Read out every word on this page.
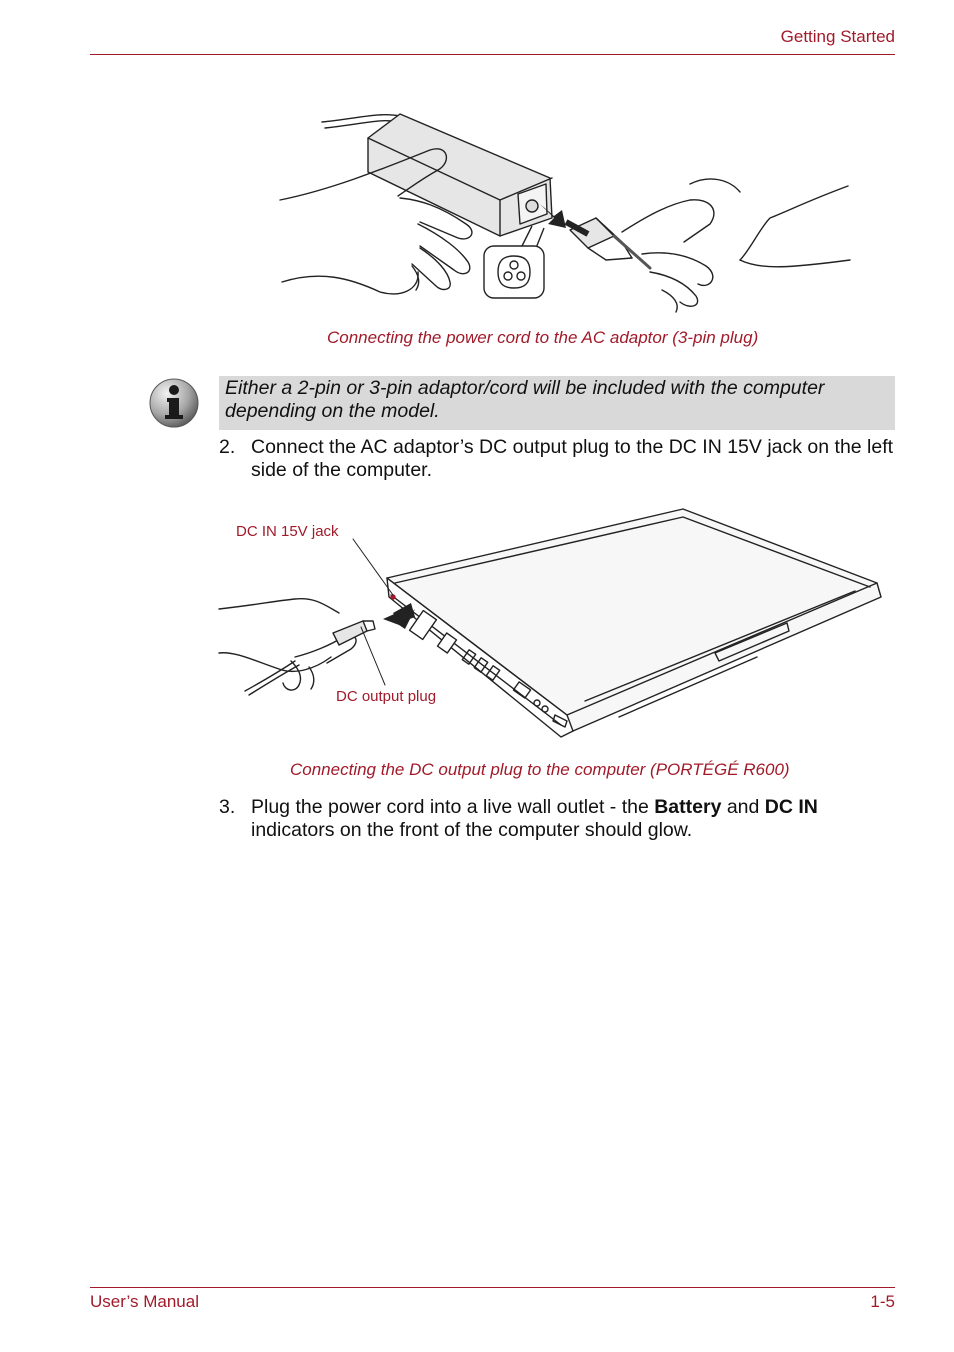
Getting Started
Connecting the power cord to the AC adaptor (3-pin plug)
Either a 2-pin or 3-pin adaptor/cord will be included with the computer depending on the model.
2. Connect the AC adaptor’s DC output plug to the DC IN 15V jack on the left side of the computer.
DC IN 15V jack
DC output plug
Connecting the DC output plug to the computer (PORTÉGÉ R600)
3. Plug the power cord into a live wall outlet - the Battery and DC IN indicators on the front of the computer should glow.
User’s Manual	1-5
